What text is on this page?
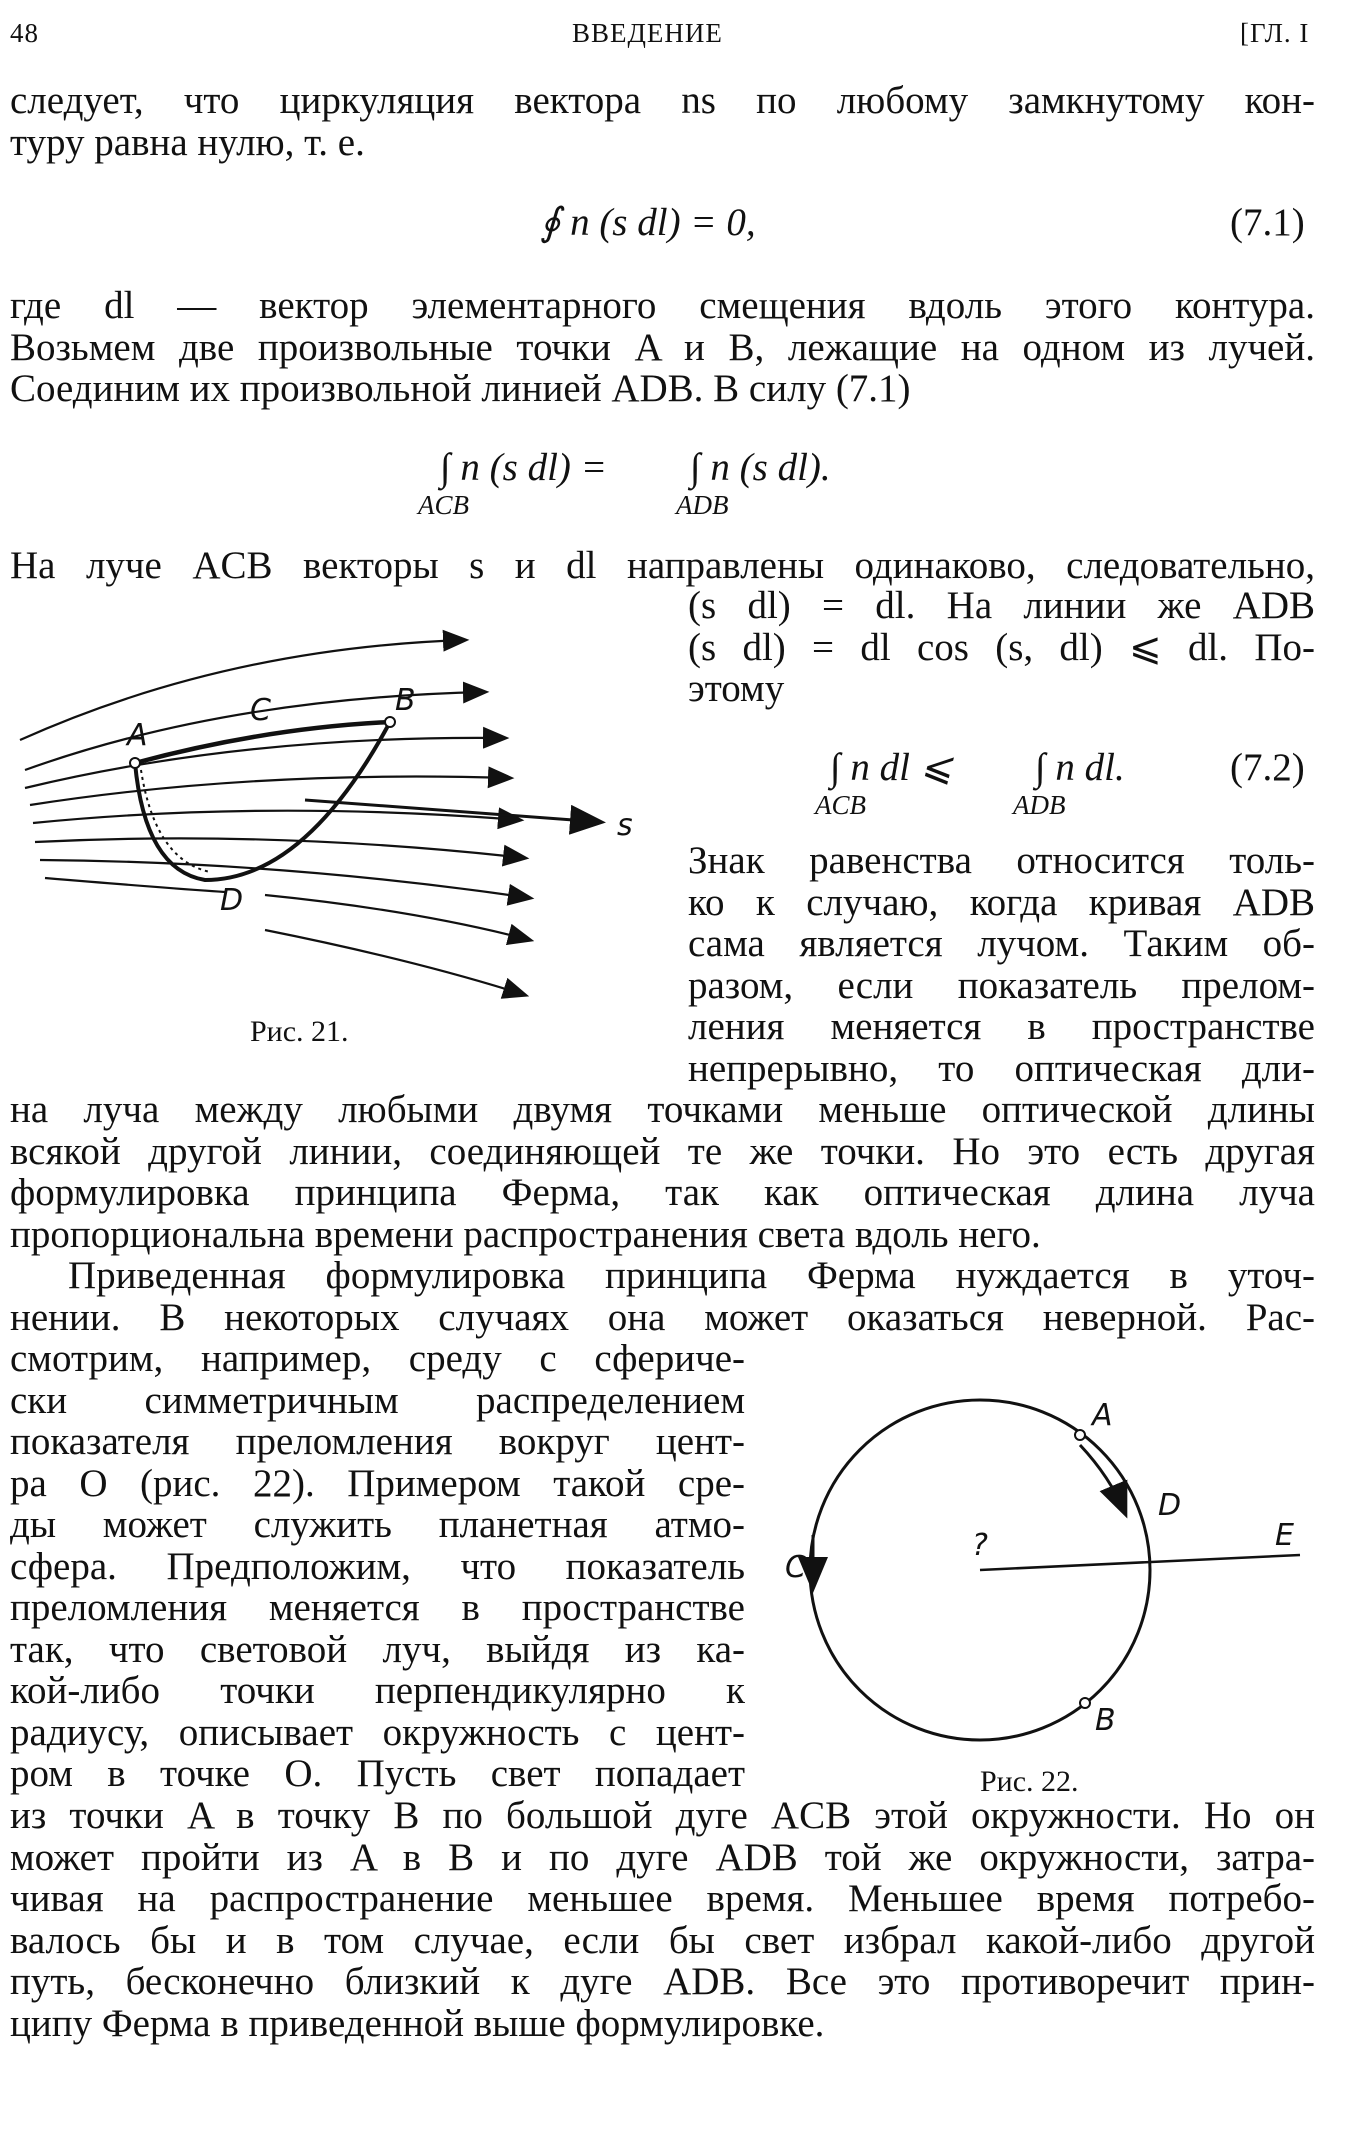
48	ВВЕДЕНИЕ	[ГЛ. I
следует, что циркуляция вектора ns по любому замкнутому кон-
туру равна нулю, т. е.
∮ n (s dl) = 0,	(7.1)
где dl — вектор элементарного смещения вдоль этого контура.
Возьмем две произвольные точки A и B, лежащие на одном из лучей.
Соединим их произвольной линией ADB. В силу (7.1)
∫ n (s dl) = ∫ n (s dl).
ACB	ADB
На луче ACB векторы s и dl направлены одинаково, следовательно,
(s dl) = dl. На линии же ADB
(s dl) = dl cos (s, dl) ⩽ dl. По-
этому
∫ n dl ⩽ ∫ n dl.	(7.2)
ACB	ADB
A
C	B
D
s
Рис. 21.
Знак равенства относится толь-
ко к случаю, когда кривая ADB
сама является лучом. Таким об-
разом, если показатель прелом-
ления меняется в пространстве
непрерывно, то оптическая дли-
на луча между любыми двумя точками меньше оптической длины
всякой другой линии, соединяющей те же точки. Но это есть другая
формулировка принципа Ферма, так как оптическая длина луча
пропорциональна времени распространения света вдоль него.
Приведенная формулировка принципа Ферма нуждается в уточ-
нении. В некоторых случаях она может оказаться неверной. Рас-
смотрим, например, среду с сфериче-
ски симметричным распределением
показателя преломления вокруг цент-
ра O (рис. 22). Примером такой сре-
ды может служить планетная атмо-
сфера. Предположим, что показатель
преломления меняется в пространстве
так, что световой луч, выйдя из ка-
кой-либо точки перпендикулярно к
радиусу, описывает окружность с цент-
ром в точке O. Пусть свет попадает
A
D
E
?
C
B
Рис. 22.
из точки A в точку B по большой дуге ACB этой окружности. Но он
может пройти из A в B и по дуге ADB той же окружности, затра-
чивая на распространение меньшее время. Меньшее время потребо-
валось бы и в том случае, если бы свет избрал какой-либо другой
путь, бесконечно близкий к дуге ADB. Все это противоречит прин-
ципу Ферма в приведенной выше формулировке.
